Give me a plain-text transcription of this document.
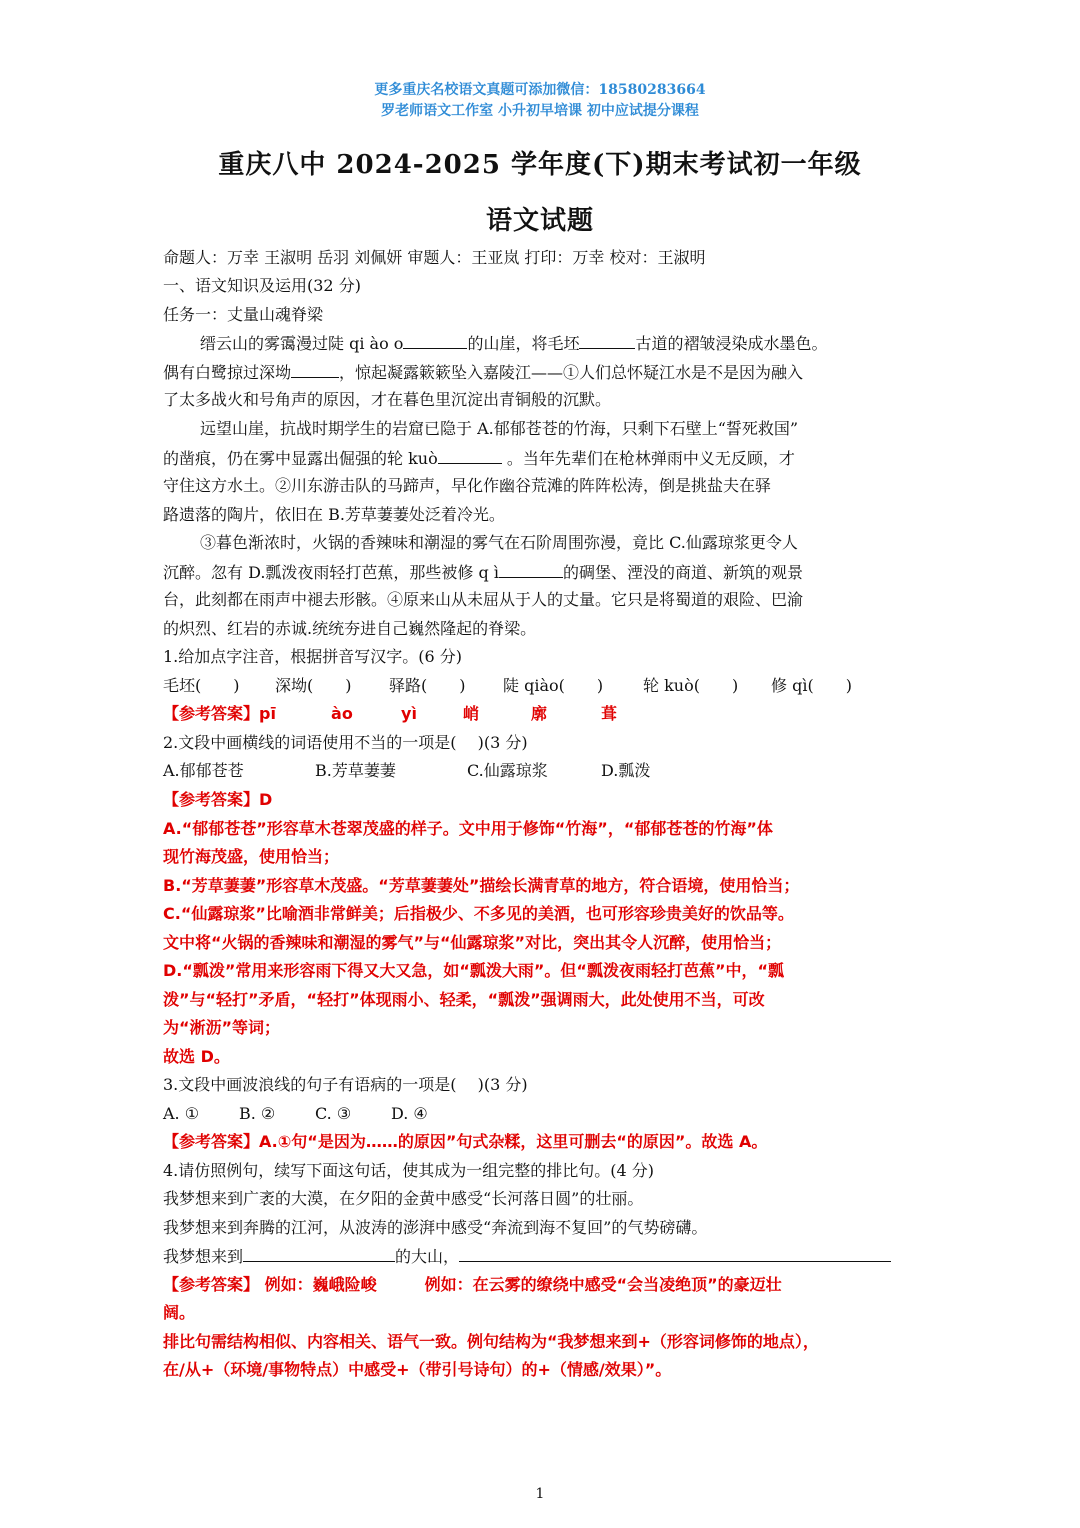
更多重庆名校语文真题可添加微信：18580283664
罗老师语文工作室 小升初早培课 初中应试提分课程
重庆八中 2024-2025 学年度(下)期末考试初一年级
语文试题
命题人：万幸 王淑明 岳羽 刘佩妍 审题人：王亚岚 打印：万幸 校对：王淑明
一、语文知识及运用(32 分)
任务一：丈量山魂脊梁
缙云山的雾霭漫过陡 qi ào o	的山崖，将毛坯	古道的褶皱浸染成水墨色。
偶有白鹭掠过深坳	，惊起凝露簌簌坠入嘉陵江——①人们总怀疑江水是不是因为融入
了太多战火和号角声的原因，才在暮色里沉淀出青铜般的沉默。
远望山崖，抗战时期学生的岩窟已隐于 A.郁郁苍苍的竹海，只剩下石壁上“誓死救国”
的凿痕，仍在雾中显露出倔强的轮 kuò	。当年先辈们在枪林弹雨中义无反顾，才
守住这方水土。②川东游击队的马蹄声，早化作幽谷荒滩的阵阵松涛，倒是挑盐夫在驿
路遗落的陶片，依旧在 B.芳草萋萋处泛着冷光。
③暮色渐浓时，火锅的香辣味和潮湿的雾气在石阶周围弥漫，竟比 C.仙露琼浆更令人
沉醉。忽有 D.瓢泼夜雨轻打芭蕉，那些被修 q ì	的碉堡、湮没的商道、新筑的观景
台，此刻都在雨声中褪去形骸。④原来山从未屈从于人的丈量。它只是将蜀道的艰险、巴渝
的炽烈、红岩的赤诚.统统夯进自己巍然隆起的脊梁。
1.给加点字注音，根据拼音写汉字。(6 分)
毛坯(　　) 深坳(　　) 驿路(　　) 陡 qiào(　　) 轮 kuò(　　) 修 qì(　　)
【参考答案】pī	ào	yì	峭	廓	葺
2.文段中画横线的词语使用不当的一项是(　 )(3 分)
A.郁郁苍苍	B.芳草萋萋	C.仙露琼浆	D.瓢泼
【参考答案】D
A.“郁郁苍苍”形容草木苍翠茂盛的样子。文中用于修饰“竹海”，“郁郁苍苍的竹海”体
现竹海茂盛，使用恰当；
B.“芳草萋萋”形容草木茂盛。“芳草萋萋处”描绘长满青草的地方，符合语境，使用恰当；
C.“仙露琼浆”比喻酒非常鲜美；后指极少、不多见的美酒，也可形容珍贵美好的饮品等。
文中将“火锅的香辣味和潮湿的雾气”与“仙露琼浆”对比，突出其令人沉醉，使用恰当；
D.“瓢泼”常用来形容雨下得又大又急，如“瓢泼大雨”。但“瓢泼夜雨轻打芭蕉”中，“瓢
泼”与“轻打”矛盾，“轻打”体现雨小、轻柔，“瓢泼”强调雨大，此处使用不当，可改
为“淅沥”等词；
故选 D。
3.文段中画波浪线的句子有语病的一项是(　 )(3 分)
A. ① B. ② C. ③ D. ④
【参考答案】A.①句“是因为……的原因”句式杂糅，这里可删去“的原因”。故选 A。
4.请仿照例句，续写下面这句话，使其成为一组完整的排比句。(4 分)
我梦想来到广袤的大漠，在夕阳的金黄中感受“长河落日圆”的壮丽。
我梦想来到奔腾的江河，从波涛的澎湃中感受“奔流到海不复回”的气势磅礴。
我梦想来到	的大山，
【参考答案】 例如：巍峨险峻　　　例如：在云雾的缭绕中感受“会当凌绝顶”的豪迈壮
阔。
排比句需结构相似、内容相关、语气一致。例句结构为“我梦想来到+（形容词修饰的地点），
在/从+（环境/事物特点）中感受+（带引号诗句）的+（情感/效果）”。
1
